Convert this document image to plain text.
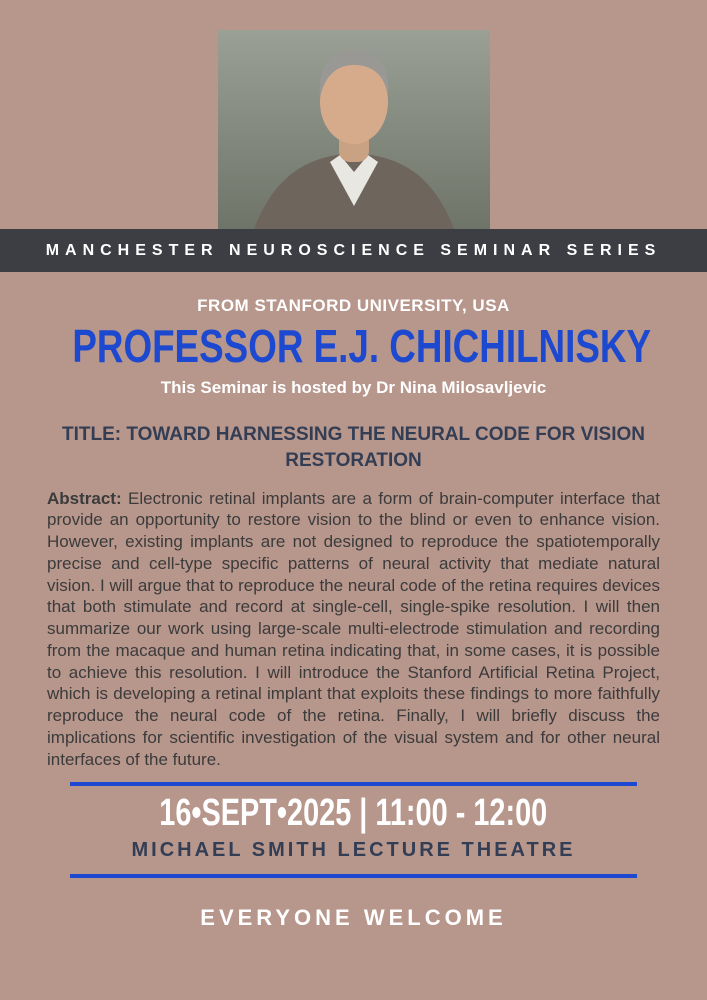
MANCHESTER NEUROSCIENCE SEMINAR SERIES
FROM STANFORD UNIVERSITY, USA
PROFESSOR E.J. CHICHILNISKY
This Seminar is hosted by Dr Nina Milosavljevic
TITLE: TOWARD HARNESSING THE NEURAL CODE FOR VISION RESTORATION

Abstract: Electronic retinal implants are a form of brain-computer interface that provide an opportunity to restore vision to the blind or even to enhance vision. However, existing implants are not designed to reproduce the spatiotemporally precise and cell-type specific patterns of neural activity that mediate natural vision. I will argue that to reproduce the neural code of the retina requires devices that both stimulate and record at single-cell, single-spike resolution. I will then summarize our work using large-scale multi-electrode stimulation and recording from the macaque and human retina indicating that, in some cases, it is possible to achieve this resolution. I will introduce the Stanford Artificial Retina Project, which is developing a retinal implant that exploits these findings to more faithfully reproduce the neural code of the retina. Finally, I will briefly discuss the implications for scientific investigation of the visual system and for other neural interfaces of the future.

16•SEPT•2025 | 11:00 - 12:00
MICHAEL SMITH LECTURE THEATRE
EVERYONE WELCOME
